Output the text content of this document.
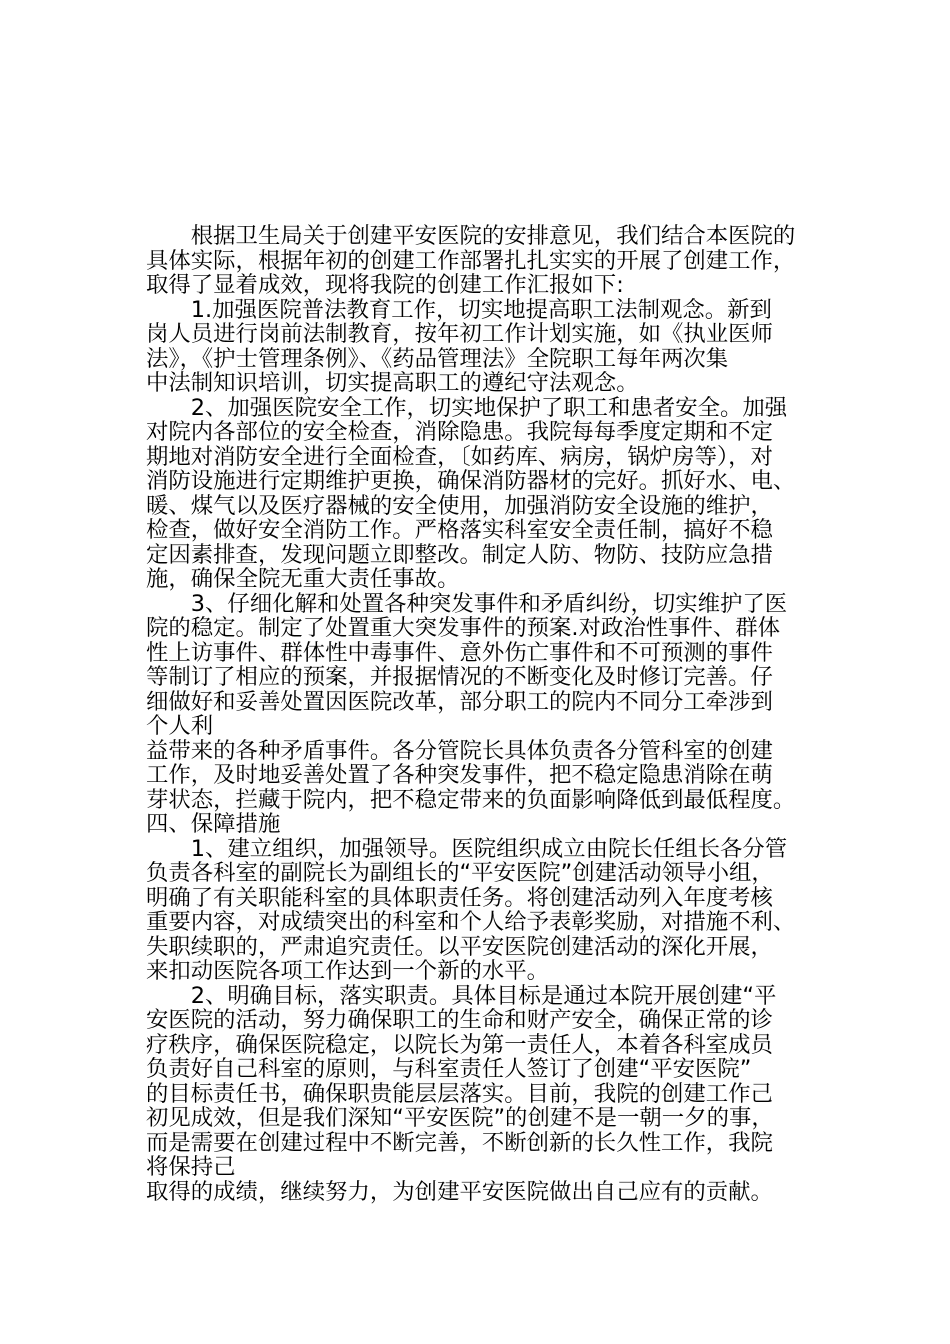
　　根据卫生局关于创建平安医院的安排意见，我们结合本医院的
具体实际，根据年初的创建工作部署扎扎实实的开展了创建工作，
取得了显着成效，现将我院的创建工作汇报如下:
　　1.加强医院普法教育工作，切实地提高职工法制观念。新到
岗人员进行岗前法制教育，按年初工作计划实施，如《执业医师
法》，《护士管理条例》、《药品管理法》全院职工每年两次集
中法制知识培训，切实提高职工的遵纪守法观念。
　　2、加强医院安全工作，切实地保护了职工和患者安全。加强
对院内各部位的安全检查，消除隐患。我院每每季度定期和不定
期地对消防安全进行全面检查，〔如药库、病房，锅炉房等），对
消防设施进行定期维护更换，确保消防器材的完好。抓好水、电、
暖、煤气以及医疗器械的安全使用，加强消防安全设施的维护，
检查，做好安全消防工作。严格落实科室安全责任制，搞好不稳
定因素排查，发现问题立即整改。制定人防、物防、技防应急措
施，确保全院无重大责任事故。
　　3、仔细化解和处置各种突发事件和矛盾纠纷，切实维护了医
院的稳定。制定了处置重大突发事件的预案.对政治性事件、群体
性上访事件、群体性中毒事件、意外伤亡事件和不可预测的事件
等制订了相应的预案，并报据情况的不断变化及时修订完善。仔
细做好和妥善处置因医院改革，部分职工的院内不同分工牵涉到
个人利
益带来的各种矛盾事件。各分管院长具体负责各分管科室的创建
工作，及时地妥善处置了各种突发事件，把不稳定隐患消除在萌
芽状态，拦藏于院内，把不稳定带来的负面影响降低到最低程度。
四、保障措施
　　1、建立组织，加强领导。医院组织成立由院长任组长各分管
负责各科室的副院长为副组长的“平安医院”创建活动领导小组，
明确了有关职能科室的具体职责任务。将创建活动列入年度考核
重要内容，对成绩突出的科室和个人给予表彰奖励，对措施不利、
失职续职的，严肃追究责任。以平安医院创建活动的深化开展，
来扣动医院各项工作达到一个新的水平。
　　2、明确目标，落实职责。具体目标是通过本院开展创建“平
安医院的活动，努力确保职工的生命和财产安全，确保正常的诊
疗秩序，确保医院稳定，以院长为第一责任人，本着各科室成员
负责好自己科室的原则，与科室责任人签订了创建“平安医院”
的目标责任书，确保职贵能层层落实。目前，我院的创建工作己
初见成效，但是我们深知“平安医院”的创建不是一朝一夕的事，
而是需要在创建过程中不断完善，不断创新的长久性工作，我院
将保持己
取得的成绩，继续努力，为创建平安医院做出自己应有的贡献。
